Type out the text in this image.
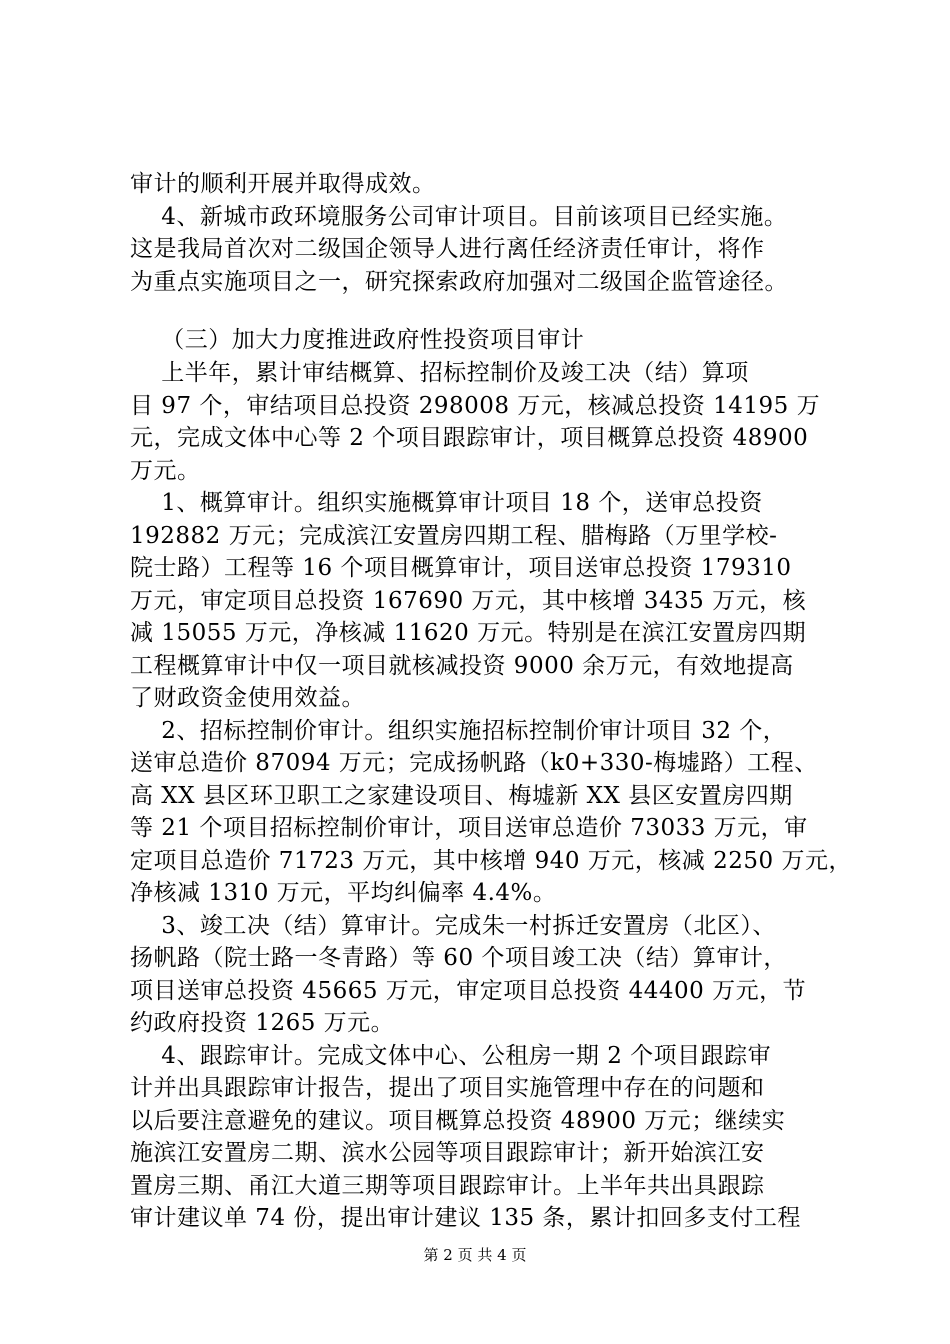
审计的顺利开展并取得成效。
4、新城市政环境服务公司审计项目。目前该项目已经实施。
这是我局首次对二级国企领导人进行离任经济责任审计，将作
为重点实施项目之一，研究探索政府加强对二级国企监管途径。
（三）加大力度推进政府性投资项目审计
上半年，累计审结概算、招标控制价及竣工决（结）算项
目 97 个，审结项目总投资 298008 万元，核减总投资 14195 万
元，完成文体中心等 2 个项目跟踪审计，项目概算总投资 48900
万元。
1、概算审计。组织实施概算审计项目 18 个，送审总投资
192882 万元；完成滨江安置房四期工程、腊梅路（万里学校-
院士路）工程等 16 个项目概算审计，项目送审总投资 179310
万元，审定项目总投资 167690 万元，其中核增 3435 万元，核
减 15055 万元，净核减 11620 万元。特别是在滨江安置房四期
工程概算审计中仅一项目就核减投资 9000 余万元，有效地提高
了财政资金使用效益。
2、招标控制价审计。组织实施招标控制价审计项目 32 个，
送审总造价 87094 万元；完成扬帆路（k0+330-梅墟路）工程、
高 XX 县区环卫职工之家建设项目、梅墟新 XX 县区安置房四期
等 21 个项目招标控制价审计，项目送审总造价 73033 万元，审
定项目总造价 71723 万元，其中核增 940 万元，核减 2250 万元，
净核减 1310 万元，平均纠偏率 4.4%。
3、竣工决（结）算审计。完成朱一村拆迁安置房（北区）、
扬帆路（院士路一冬青路）等 60 个项目竣工决（结）算审计，
项目送审总投资 45665 万元，审定项目总投资 44400 万元，节
约政府投资 1265 万元。
4、跟踪审计。完成文体中心、公租房一期 2 个项目跟踪审
计并出具跟踪审计报告，提出了项目实施管理中存在的问题和
以后要注意避免的建议。项目概算总投资 48900 万元；继续实
施滨江安置房二期、滨水公园等项目跟踪审计；新开始滨江安
置房三期、甬江大道三期等项目跟踪审计。上半年共出具跟踪
审计建议单 74 份，提出审计建议 135 条，累计扣回多支付工程
第 2 页 共 4 页
